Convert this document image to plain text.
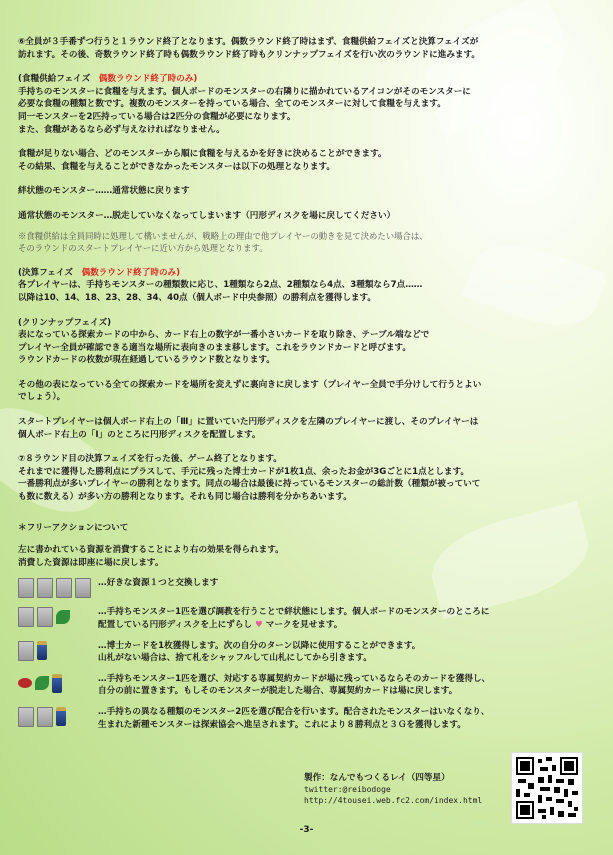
⑥全員が３手番ずつ行うと１ラウンド終了となります。偶数ラウンド終了時はまず、食糧供給フェイズと決算フェイズが

訪れます。その後、奇数ラウンド終了時も偶数ラウンド終了時もクリンナップフェイズを行い次のラウンドに進みます。

(食糧供給フェイズ　 偶数ラウンド終了時のみ)

手持ちのモンスターに食糧を与えます。個人ボードのモンスターの右隣りに描かれているアイコンがそのモンスターに

必要な食糧の種類と数です。複数のモンスターを持っている場合、全てのモンスターに対して食糧を与えます。

同一モンスターを2匹持っている場合は2匹分の食糧が必要になります。

また、食糧があるなら必ず与えなければなりません。

食糧が足りない場合、どのモンスターから順に食糧を与えるかを好きに決めることができます。

その結果、食糧を与えることができなかったモンスターは以下の処理となります。

絆状態のモンスター……通常状態に戻ります

通常状態のモンスター…脱走していなくなってしまいます（円形ディスクを場に戻してください）

※食糧供給は全員同時に処理して構いませんが、戦略上の理由で他プレイヤーの動きを見て決めたい場合は、

そのラウンドのスタートプレイヤーに近い方から処理となります。

(決算フェイズ　 偶数ラウンド終了時のみ)

各プレイヤーは、手持ちモンスターの種類数に応じ、1種類なら2点、2種類なら4点、3種類なら7点……

以降は10、14、18、23、28、34、40点（個人ボード中央参照）の勝利点を獲得します。

(クリンナップフェイズ)

表になっている探索カードの中から、カード右上の数字が一番小さいカードを取り除き、テーブル端などで

プレイヤー全員が確認できる適当な場所に表向きのまま移します。これをラウンドカードと呼びます。

ラウンドカードの枚数が現在経過しているラウンド数となります。

その他の表になっている全ての探索カードを場所を変えずに裏向きに戻します（プレイヤー全員で手分けして行うとよい

でしょう）。

スタートプレイヤーは個人ボード右上の「Ⅲ」に置いていた円形ディスクを左隣のプレイヤーに渡し、そのプレイヤーは

個人ボード右上の「Ⅰ」のところに円形ディスクを配置します。

⑦８ラウンド目の決算フェイズを行った後、ゲーム終了となります。

それまでに獲得した勝利点にプラスして、手元に残った博士カードが1枚1点、余ったお金が3Gごとに1点とします。

一番勝利点が多いプレイヤーの勝利となります。同点の場合は最後に持っているモンスターの総計数（種類が被っていて

も数に数える）が多い方の勝利となります。それも同じ場合は勝利を分かちあいます。

＊フリーアクションについて

左に書かれている資源を消費することにより右の効果を得られます。

消費した資源は即座に場に戻します。

…好きな資源１つと交換します

…手持ちモンスター1匹を選び調教を行うことで絆状態にします。個人ボードのモンスターのところに

配置している円形ディスクを上にずらし ♥ マークを見せます。

…博士カードを1枚獲得します。次の自分のターン以降に使用することができます。

山札がない場合は、捨て札をシャッフルして山札にしてから引きます。

…手持ちモンスター1匹を選び、対応する専属契約カードが場に残っているならそのカードを獲得し、

自分の前に置きます。もしそのモンスターが脱走した場合、専属契約カードは場に戻します。

…手持ちの異なる種類のモンスター2匹を選び配合を行います。配合されたモンスターはいなくなり、

生まれた新種モンスターは探索協会へ進呈されます。これにより８勝利点と３Ｇを獲得します。

製作：なんでもつくるレイ（四等星）
twitter:@reibodoge
http://4tousei.web.fc2.com/index.html
-3-
